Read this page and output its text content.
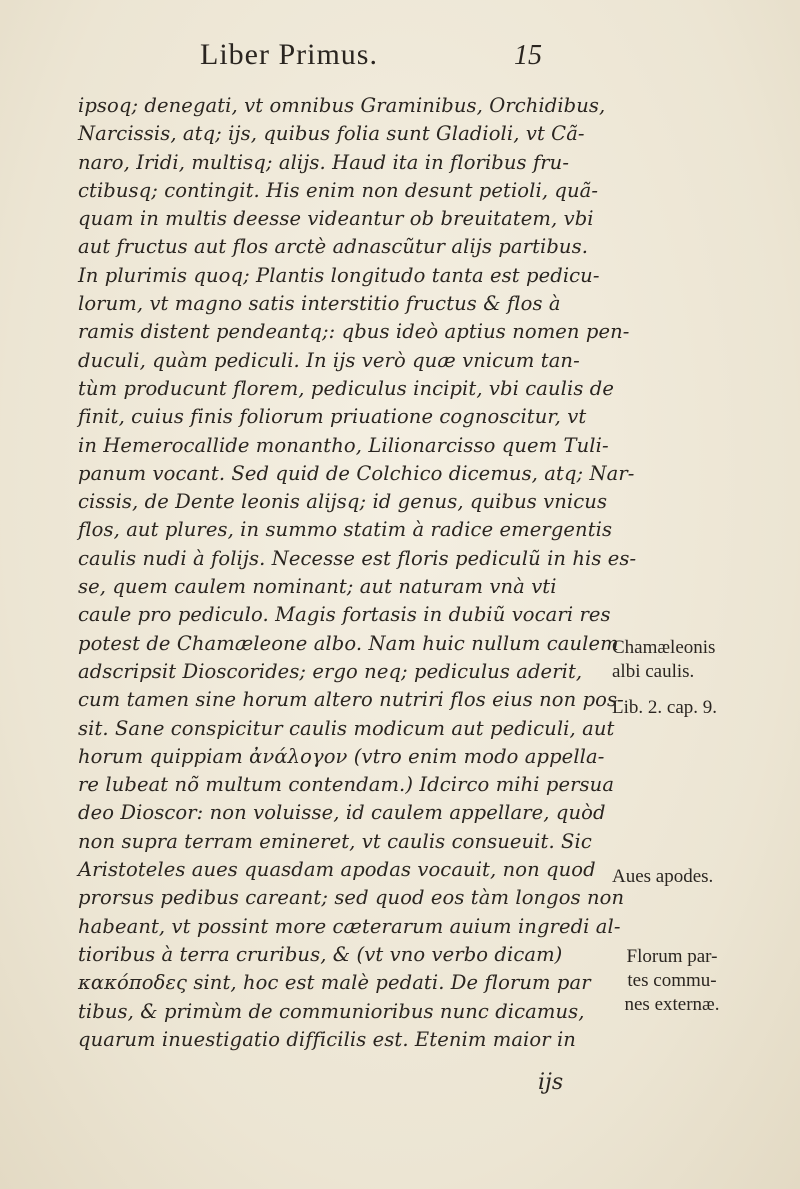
Liber Primus.	15
ipsoq; denegati, vt omnibus Graminibus, Orchidibus,
Narcissis, atq; ijs, quibus folia sunt Gladioli, vt Cã-
naro, Iridi, multisq; alijs. Haud ita in floribus fru-
ctibusq; contingit. His enim non desunt petioli, quã-
quam in multis deesse videantur ob breuitatem, vbi
aut fructus aut flos arctè adnascũtur alijs partibus.
In plurimis quoq; Plantis longitudo tanta est pedicu-
lorum, vt magno satis interstitio fructus & flos à
ramis distent pendeantq;: qbus ideò aptius nomen pen-
duculi, quàm pediculi. In ijs verò quæ vnicum tan-
tùm producunt florem, pediculus incipit, vbi caulis de
finit, cuius finis foliorum priuatione cognoscitur, vt
in Hemerocallide monantho, Lilionarcisso quem Tuli-
panum vocant. Sed quid de Colchico dicemus, atq; Nar-
cissis, de Dente leonis alijsq; id genus, quibus vnicus
flos, aut plures, in summo statim à radice emergentis
caulis nudi à folijs. Necesse est floris pediculũ in his es-
se, quem caulem nominant; aut naturam vnà vti
caule pro pediculo. Magis fortasis in dubiũ vocari res
potest de Chamæleone albo. Nam huic nullum caulem
adscripsit Dioscorides; ergo neq; pediculus aderit,
cum tamen sine horum altero nutriri flos eius non pos-
sit. Sane conspicitur caulis modicum aut pediculi, aut
horum quippiam ἀνάλογον (vtro enim modo appella-
re lubeat nõ multum contendam.) Idcirco mihi persua
deo Dioscor: non voluisse, id caulem appellare, quòd
non supra terram emineret, vt caulis consueuit. Sic
Aristoteles aues quasdam apodas vocauit, non quod
prorsus pedibus careant; sed quod eos tàm longos non
habeant, vt possint more cæterarum auium ingredi al-
tioribus à terra cruribus, & (vt vno verbo dicam)
κακόποδες sint, hoc est malè pedati. De florum par
tibus, & primùm de communioribus nunc dicamus,
quarum inuestigatio difficilis est. Etenim maior in
ijs
Chamæleonis
albi caulis.
Lib. 2. cap. 9.
Aues apodes.
Florum par-
tes commu-
nes externæ.
